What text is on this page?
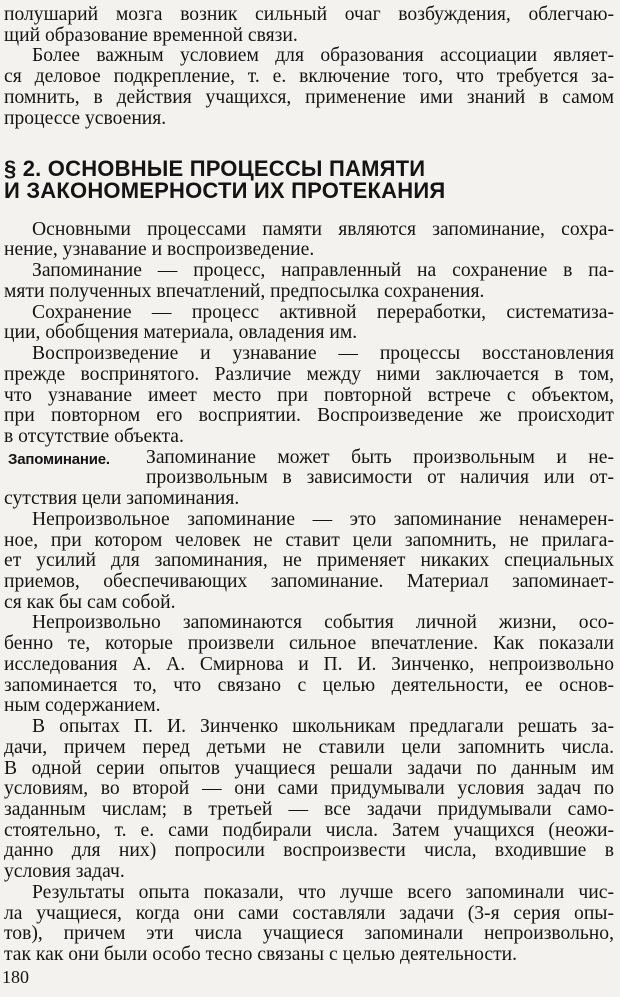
полушарий мозга возник сильный очаг возбуждения, облегчаю-
щий образование временной связи.
Более важным условием для образования ассоциации являет-
ся деловое подкрепление, т. е. включение того, что требуется за-
помнить, в действия учащихся, применение ими знаний в самом
процессе усвоения.
§ 2. ОСНОВНЫЕ ПРОЦЕССЫ ПАМЯТИ
И ЗАКОНОМЕРНОСТИ ИХ ПРОТЕКАНИЯ
Основными процессами памяти являются запоминание, сохра-
нение, узнавание и воспроизведение.
Запоминание — процесс, направленный на сохранение в па-
мяти полученных впечатлений, предпосылка сохранения.
Сохранение — процесс активной переработки, систематиза-
ции, обобщения материала, овладения им.
Воспроизведение и узнавание — процессы восстановления
прежде воспринятого. Различие между ними заключается в том,
что узнавание имеет место при повторной встрече с объектом,
при повторном его восприятии. Воспроизведение же происходит
в отсутствие объекта.
Запоминание. Запоминание может быть произвольным и не-
произвольным в зависимости от наличия или от-
сутствия цели запоминания.
Непроизвольное запоминание — это запоминание ненамерен-
ное, при котором человек не ставит цели запомнить, не прилага-
ет усилий для запоминания, не применяет никаких специальных
приемов, обеспечивающих запоминание. Материал запоминает-
ся как бы сам собой.
Непроизвольно запоминаются события личной жизни, осо-
бенно те, которые произвели сильное впечатление. Как показали
исследования А. А. Смирнова и П. И. Зинченко, непроизвольно
запоминается то, что связано с целью деятельности, ее основ-
ным содержанием.
В опытах П. И. Зинченко школьникам предлагали решать за-
дачи, причем перед детьми не ставили цели запомнить числа.
В одной серии опытов учащиеся решали задачи по данным им
условиям, во второй — они сами придумывали условия задач по
заданным числам; в третьей — все задачи придумывали само-
стоятельно, т. е. сами подбирали числа. Затем учащихся (неожи-
данно для них) попросили воспроизвести числа, входившие в
условия задач.
Результаты опыта показали, что лучше всего запоминали чис-
ла учащиеся, когда они сами составляли задачи (3-я серия опы-
тов), причем эти числа учащиеся запоминали непроизвольно,
так как они были особо тесно связаны с целью деятельности.
180
